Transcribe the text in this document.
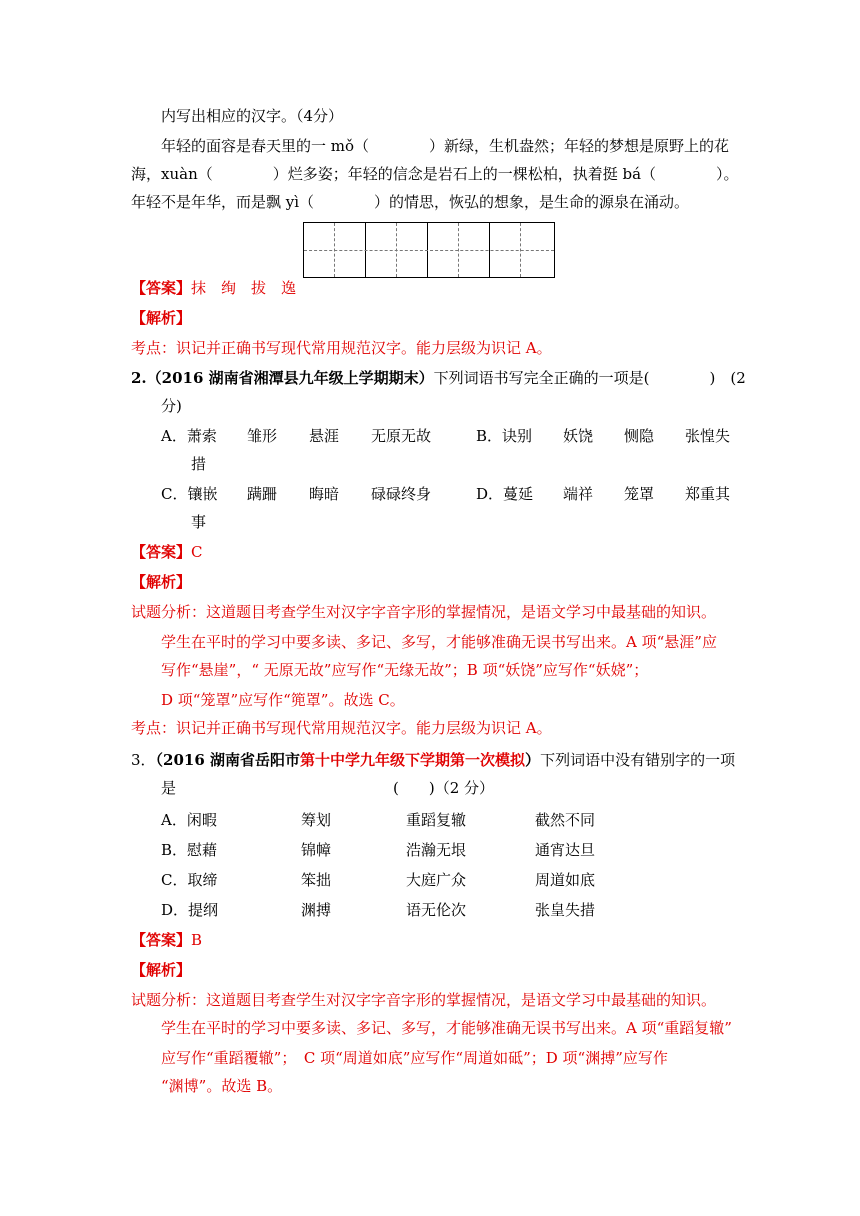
内写出相应的汉字。（4分）
年轻的面容是春天里的一 mǒ（　　　　）新绿，生机盎然；年轻的梦想是原野上的花
海，xuàn（　　　　）烂多姿；年轻的信念是岩石上的一棵松柏，执着挺 bá（　　　　）。
年轻不是年华，而是飘 yì（　　　　）的情思，恢弘的想象，是生命的源泉在涌动。
【答案】抹　绚　拔　逸
【解析】
考点：识记并正确书写现代常用规范汉字。能力层级为识记 A。
2.（2016 湖南省湘潭县九年级上学期期末）下列词语书写完全正确的一项是(　　　　)　(2
分)
A．萧索 雏形 悬涯 无原无故	B．诀别 妖饶 恻隐 张惶失
措
C．镶嵌 蹒跚 晦暗 碌碌终身	D．蔓延 端祥 笼罩 郑重其
事
【答案】C
【解析】
试题分析：这道题目考查学生对汉字字音字形的掌握情况，是语文学习中最基础的知识。
学生在平时的学习中要多读、多记、多写，才能够准确无误书写出来。A 项“悬涯”应
写作“悬崖”，“ 无原无故”应写作“无缘无故”；B 项“妖饶”应写作“妖娆”；
D 项“笼罩”应写作“篼罩”。故选 C。
考点：识记并正确书写现代常用规范汉字。能力层级为识记 A。
3．（2016 湖南省岳阳市第十中学九年级下学期第一次模拟）下列词语中没有错别字的一项
是	(　　)（2 分）
A．闲暇	筹划	重蹈复辙	截然不同
B．慰藉	锦幛	浩瀚无垠	通宵达旦
C．取缔	笨拙	大庭广众	周道如底
D．提纲	渊搏	语无伦次	张皇失措
【答案】B
【解析】
试题分析：这道题目考查学生对汉字字音字形的掌握情况，是语文学习中最基础的知识。
学生在平时的学习中要多读、多记、多写，才能够准确无误书写出来。A 项“重蹈复辙”
应写作“重蹈覆辙”；　C 项“周道如底”应写作“周道如砥”；D 项“渊搏”应写作
“渊博”。故选 B。
